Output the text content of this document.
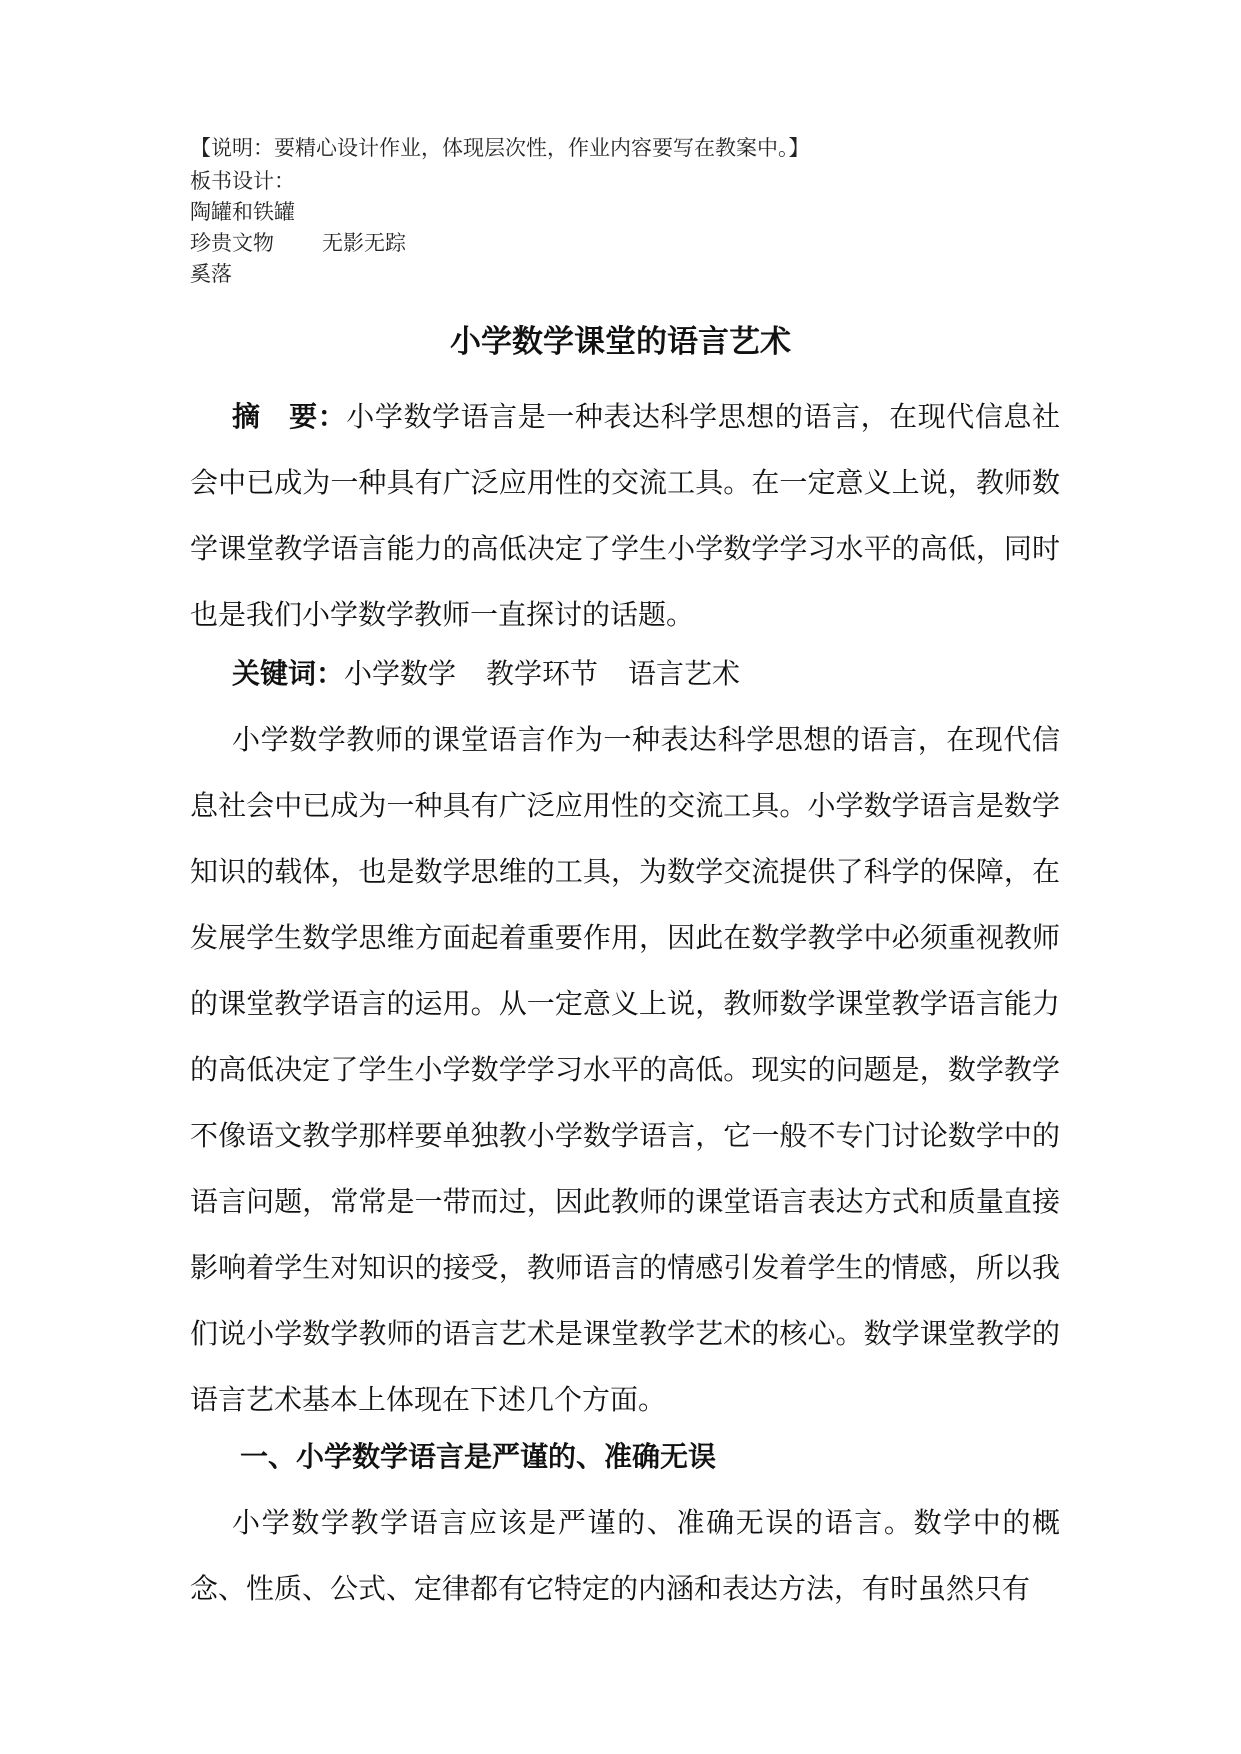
【说明：要精心设计作业，体现层次性，作业内容要写在教案中。】
板书设计：
陶罐和铁罐
珍贵文物 无影无踪
奚落
小学数学课堂的语言艺术
摘　要：小学数学语言是一种表达科学思想的语言，在现代信息社会中已成为一种具有广泛应用性的交流工具。在一定意义上说，教师数学课堂教学语言能力的高低决定了学生小学数学学习水平的高低，同时也是我们小学数学教师一直探讨的话题。
关键词：小学数学 教学环节 语言艺术
小学数学教师的课堂语言作为一种表达科学思想的语言，在现代信息社会中已成为一种具有广泛应用性的交流工具。小学数学语言是数学知识的载体，也是数学思维的工具，为数学交流提供了科学的保障，在发展学生数学思维方面起着重要作用，因此在数学教学中必须重视教师的课堂教学语言的运用。从一定意义上说，教师数学课堂教学语言能力的高低决定了学生小学数学学习水平的高低。现实的问题是，数学教学不像语文教学那样要单独教小学数学语言，它一般不专门讨论数学中的语言问题，常常是一带而过，因此教师的课堂语言表达方式和质量直接影响着学生对知识的接受，教师语言的情感引发着学生的情感，所以我们说小学数学教师的语言艺术是课堂教学艺术的核心。数学课堂教学的语言艺术基本上体现在下述几个方面。
一、小学数学语言是严谨的、准确无误
小学数学教学语言应该是严谨的、准确无误的语言。数学中的概念、性质、公式、定律都有它特定的内涵和表达方法，有时虽然只有
